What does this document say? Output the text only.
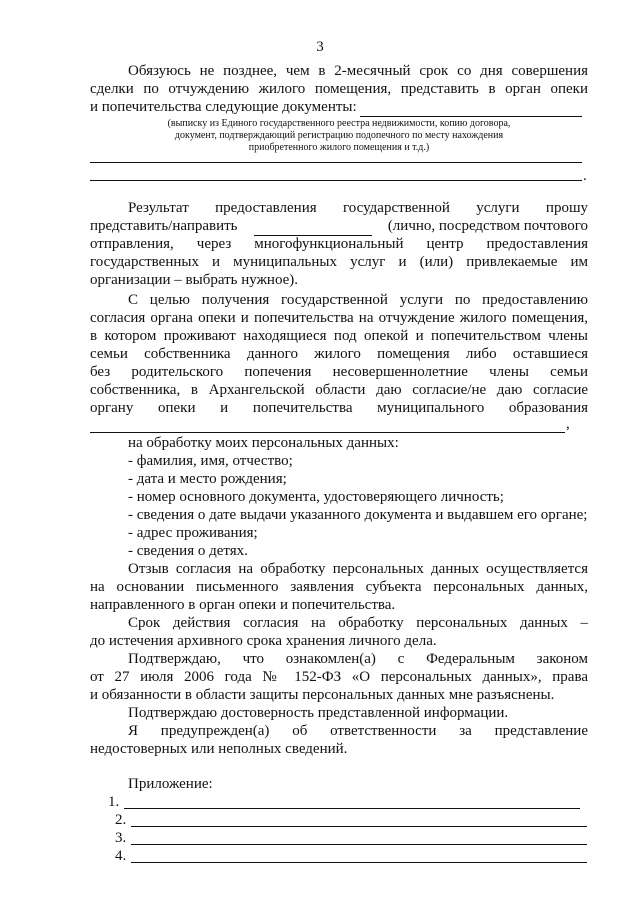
3
Обязуюсь не позднее, чем в 2-месячный срок со дня совершения
сделки по отчуждению жилого помещения, представить в орган опеки
и попечительства следующие документы:
(выписку из Единого государственного реестра недвижимости, копию договора,
документ, подтверждающий регистрацию подопечного по месту нахождения
приобретенного жилого помещения и т.д.)
.
Результат предоставления государственной услуги прошу
представить/направить
	(лично, посредством почтового
отправления, через многофункциональный центр предоставления
государственных и муниципальных услуг и (или) привлекаемые им
организации – выбрать нужное).
С целью получения государственной услуги по предоставлению
согласия органа опеки и попечительства на отчуждение жилого помещения,
в котором проживают находящиеся под опекой и попечительством члены
семьи собственника данного жилого помещения либо оставшиеся
без родительского попечения несовершеннолетние члены семьи
собственника, в Архангельской области даю согласие/не даю согласие
органу опеки и попечительства муниципального образования
,
на обработку моих персональных данных:
- фамилия, имя, отчество;
- дата и место рождения;
- номер основного документа, удостоверяющего личность;
- сведения о дате выдачи указанного документа и выдавшем его органе;
- адрес проживания;
- сведения о детях.
Отзыв согласия на обработку персональных данных осуществляется
на основании письменного заявления субъекта персональных данных,
направленного в орган опеки и попечительства.
Срок действия согласия на обработку персональных данных –
до истечения архивного срока хранения личного дела.
Подтверждаю, что ознакомлен(а) с Федеральным законом
от 27 июля 2006 года № 152-ФЗ «О персональных данных», права
и обязанности в области защиты персональных данных мне разъяснены.
Подтверждаю достоверность представленной информации.
Я предупрежден(а) об ответственности за представление
недостоверных или неполных сведений.
Приложение:
1.
2.
3.
4.
